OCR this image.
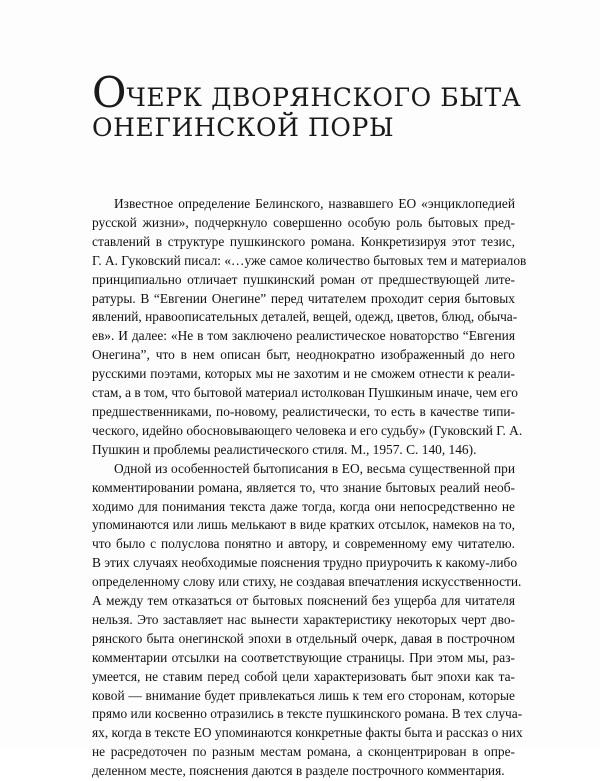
ОЧЕРК ДВОРЯНСКОГО БЫТА
ОНЕГИНСКОЙ ПОРЫ

Известное определение Белинского, назвавшего ЕО «энциклопедией
русской жизни», подчеркнуло совершенно особую роль бытовых пред-
ставлений в структуре пушкинского романа. Конкретизируя этот тезис,
Г. А. Гуковский писал: «…уже самое количество бытовых тем и материалов
принципиально отличает пушкинский роман от предшествующей лите-
ратуры. В “Евгении Онегине” перед читателем проходит серия бытовых
явлений, нравоописательных деталей, вещей, одежд, цветов, блюд, обыча-
ев». И далее: «Не в том заключено реалистическое новаторство “Евгения
Онегина”, что в нем описан быт, неоднократно изображенный до него
русскими поэтами, которых мы не захотим и не сможем отнести к реали-
стам, а в том, что бытовой материал истолкован Пушкиным иначе, чем его
предшественниками, по-новому, реалистически, то есть в качестве типи-
ческого, идейно обосновывающего человека и его судьбу» (Гуковский Г. А.
Пушкин и проблемы реалистического стиля. М., 1957. С. 140, 146).

Одной из особенностей бытописания в ЕО, весьма существенной при
комментировании романа, является то, что знание бытовых реалий необ-
ходимо для понимания текста даже тогда, когда они непосредственно не
упоминаются или лишь мелькают в виде кратких отсылок, намеков на то,
что было с полуслова понятно и автору, и современному ему читателю.
В этих случаях необходимые пояснения трудно приурочить к какому-либо
определенному слову или стиху, не создавая впечатления искусственности.
А между тем отказаться от бытовых пояснений без ущерба для читателя
нельзя. Это заставляет нас вынести характеристику некоторых черт дво-
рянского быта онегинской эпохи в отдельный очерк, давая в построчном
комментарии отсылки на соответствующие страницы. При этом мы, раз-
умеется, не ставим перед собой цели характеризовать быт эпохи как та-
ковой — внимание будет привлекаться лишь к тем его сторонам, которые
прямо или косвенно отразились в тексте пушкинского романа. В тех случа-
ях, когда в тексте ЕО упоминаются конкретные факты быта и рассказ о них
не расредоточен по разным местам романа, а сконцентрирован в опре-
деленном месте, пояснения даются в разделе построчного комментария.
